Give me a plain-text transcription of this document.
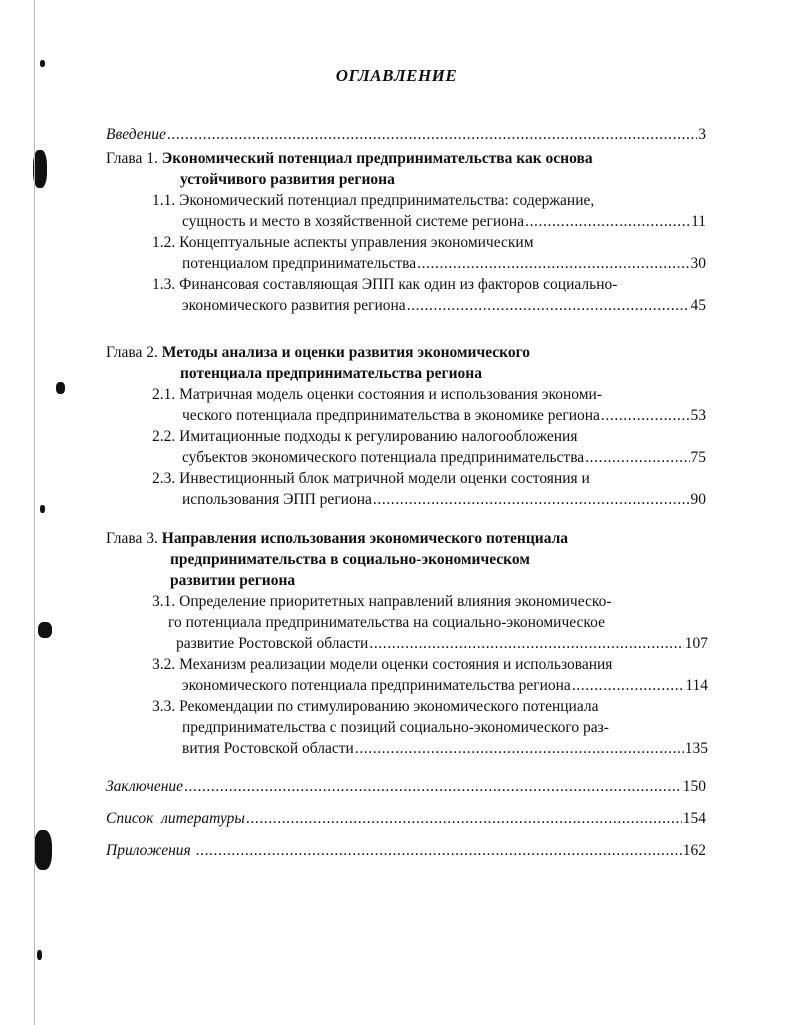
ОГЛАВЛЕНИЕ
Введение .....	3
Глава 1. Экономический потенциал предпринимательства как основа
устойчивого развития региона
1.1. Экономический потенциал предпринимательства: содержание,
сущность и место в хозяйственной системе региона .....	11
1.2. Концептуальные аспекты управления экономическим
потенциалом предпринимательства .....	30
1.3. Финансовая составляющая ЭПП как один из факторов социально-
экономического развития региона .....	45
Глава 2. Методы анализа и оценки развития экономического
потенциала предпринимательства региона
2.1. Матричная модель оценки состояния и использования экономи-
ческого потенциала предпринимательства в экономике региона .....	53
2.2. Имитационные подходы к регулированию налогообложения
субъектов экономического потенциала предпринимательства .....	75
2.3. Инвестиционный блок матричной модели оценки состояния и
использования ЭПП региона .....	90
Глава 3. Направления использования экономического потенциала
предпринимательства в социально-экономическом
развитии региона
3.1. Определение приоритетных направлений влияния экономическо-
го потенциала предпринимательства на социально-экономическое
развитие Ростовской области .....	107
3.2. Механизм реализации модели оценки состояния и использования
экономического потенциала предпринимательства региона .....	114
3.3. Рекомендации по стимулированию экономического потенциала
предпринимательства с позиций социально-экономического раз-
вития Ростовской области .....	135
Заключение .....	150
Список  литературы .....	154
Приложения .....	162
